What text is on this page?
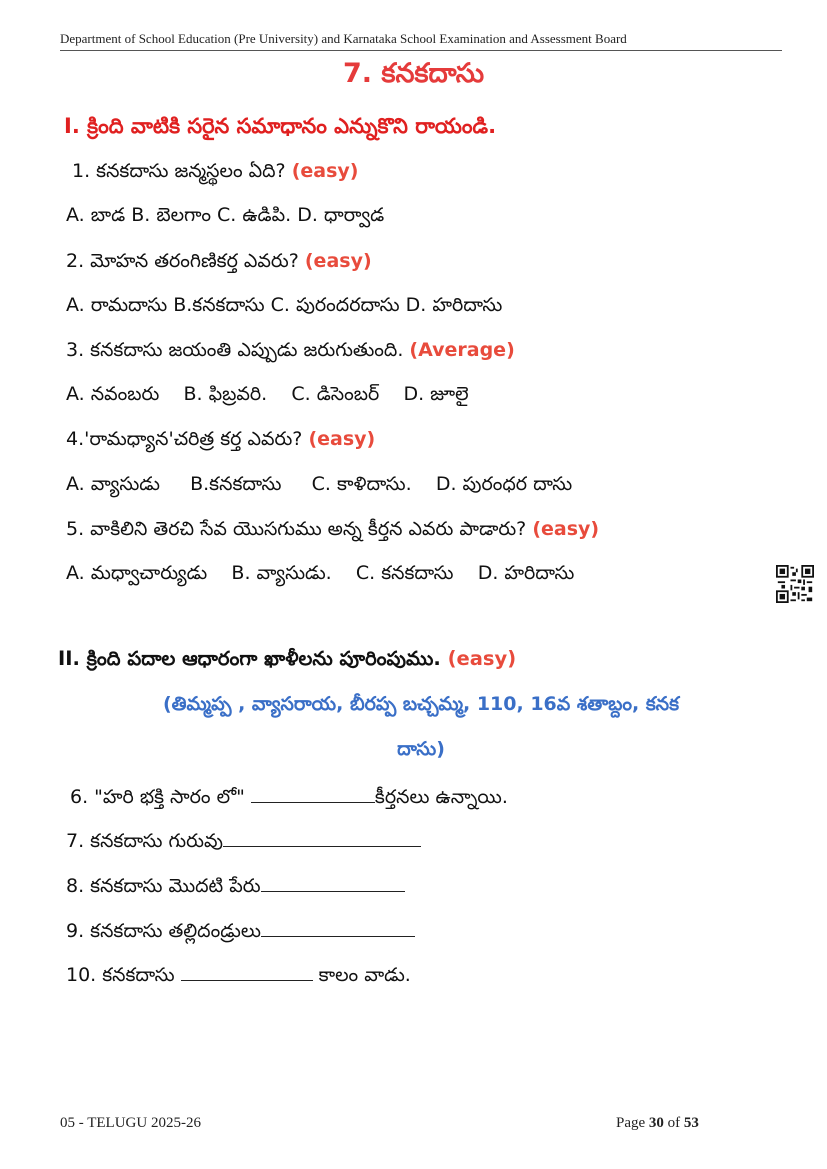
Department of School Education (Pre University) and Karnataka School Examination and Assessment Board
7. కనకదాసు
I. క్రింది వాటికి సరైన సమాధానం ఎన్నుకొని రాయండి.
1. కనకదాసు జన్మస్థలం ఏది? (easy)
A. బాడ B. బెలగాం C. ఉడిపి. D. ధార్వాడ
2. మోహన తరంగిణికర్త ఎవరు? (easy)
A. రామదాసు B.కనకదాసు C. పురందరదాసు D. హరిదాసు
3. కనకదాసు జయంతి ఎప్పుడు జరుగుతుంది. (Average)
A. నవంబరు B. ఫిబ్రవరి. C. డిసెంబర్ D. జూలై
4.'రామధ్యాన'చరిత్ర కర్త ఎవరు? (easy)
A. వ్యాసుడు B.కనకదాసు C. కాళిదాసు. D. పురంధర దాసు
5. వాకిలిని తెరచి సేవ యొసగుము అన్న కీర్తన ఎవరు పాడారు? (easy)
A. మధ్వాచార్యుడు B. వ్యాసుడు. C. కనకదాసు D. హరిదాసు
II. క్రింది పదాల ఆధారంగా ఖాళీలను పూరింపుము. (easy)
(తిమ్మప్ప , వ్యాసరాయ, బీరప్ప బచ్చమ్మ, 110, 16వ శతాబ్దం, కనక
దాసు)
6. "హరి భక్తి సారం లో"	కీర్తనలు ఉన్నాయి.
7. కనకదాసు గురువు
8. కనకదాసు మొదటి పేరు
9. కనకదాసు తల్లిదండ్రులు
10. కనకదాసు	కాలం వాడు.
05 - TELUGU 2025-26	Page 30 of 53
